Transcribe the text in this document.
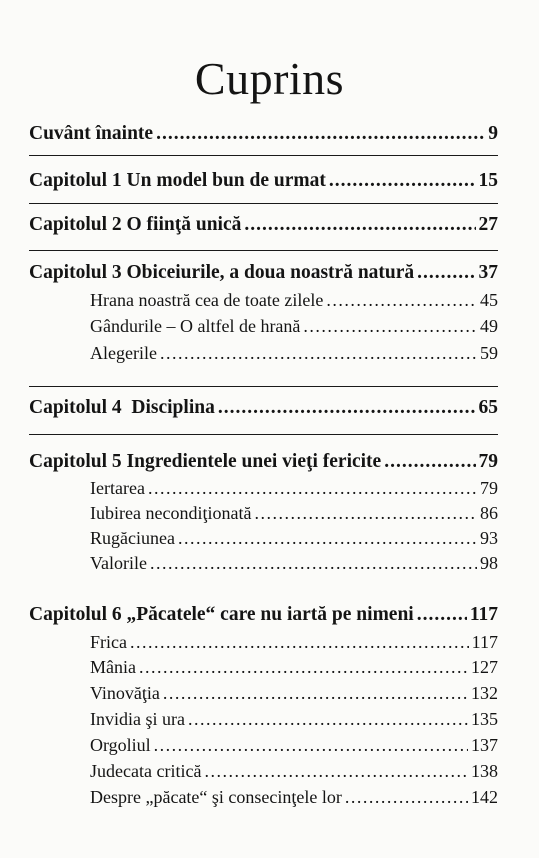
Cuprins
Cuvânt înainte .....	9
Capitolul 1 Un model bun de urmat .....	15
Capitolul 2 O fiinţă unică .....	27
Capitolul 3 Obiceiurile, a doua noastră natură .....	37
Hrana noastră cea de toate zilele .....	45
Gândurile – O altfel de hrană .....	49
Alegerile .....	59
Capitolul 4  Disciplina .....	65
Capitolul 5 Ingredientele unei vieţi fericite .....	79
Iertarea .....	79
Iubirea necondiţionată .....	86
Rugăciunea .....	93
Valorile .....	98
Capitolul 6 „Păcatele“ care nu iartă pe nimeni .....	117
Frica .....	117
Mânia .....	127
Vinovăţia .....	132
Invidia şi ura .....	135
Orgoliul .....	137
Judecata critică .....	138
Despre „păcate“ şi consecinţele lor .....	142
